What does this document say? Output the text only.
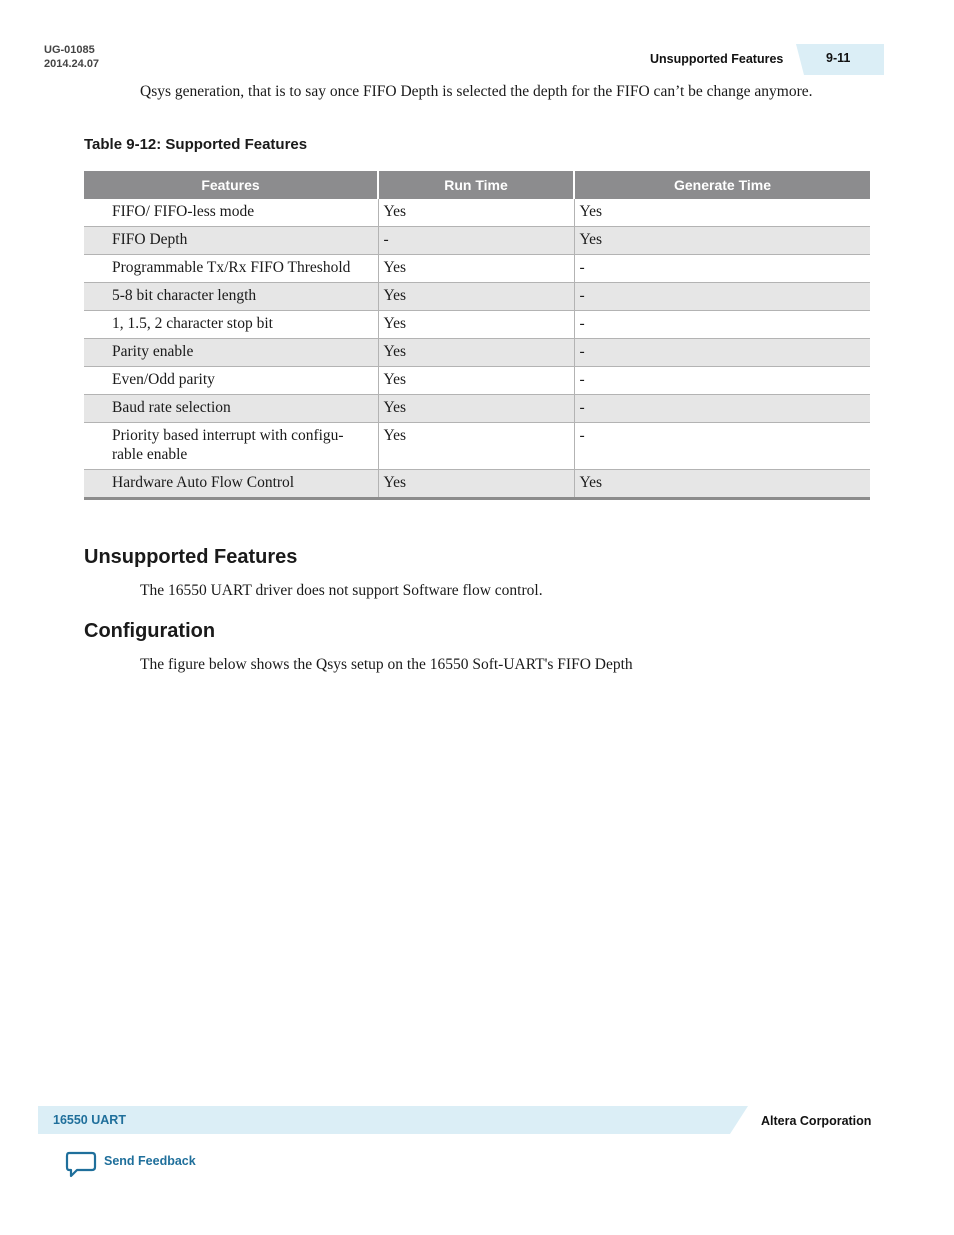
UG-01085
2014.24.07	Unsupported Features	9-11
Qsys generation, that is to say once FIFO Depth is selected the depth for the FIFO can’t be change anymore.
Table 9-12: Supported Features
Features	Run Time	Generate Time
FIFO/ FIFO-less mode	Yes	Yes
FIFO Depth	-	Yes
Programmable Tx/Rx FIFO Threshold	Yes	-
5-8 bit character length	Yes	-
1, 1.5, 2 character stop bit	Yes	-
Parity enable	Yes	-
Even/Odd parity	Yes	-
Baud rate selection	Yes	-
Priority based interrupt with configu-rable enable	Yes	-
Hardware Auto Flow Control	Yes	Yes
Unsupported Features
The 16550 UART driver does not support Software flow control.
Configuration
The figure below shows the Qsys setup on the 16550 Soft-UART's FIFO Depth
16550 UART	Altera Corporation
Send Feedback
